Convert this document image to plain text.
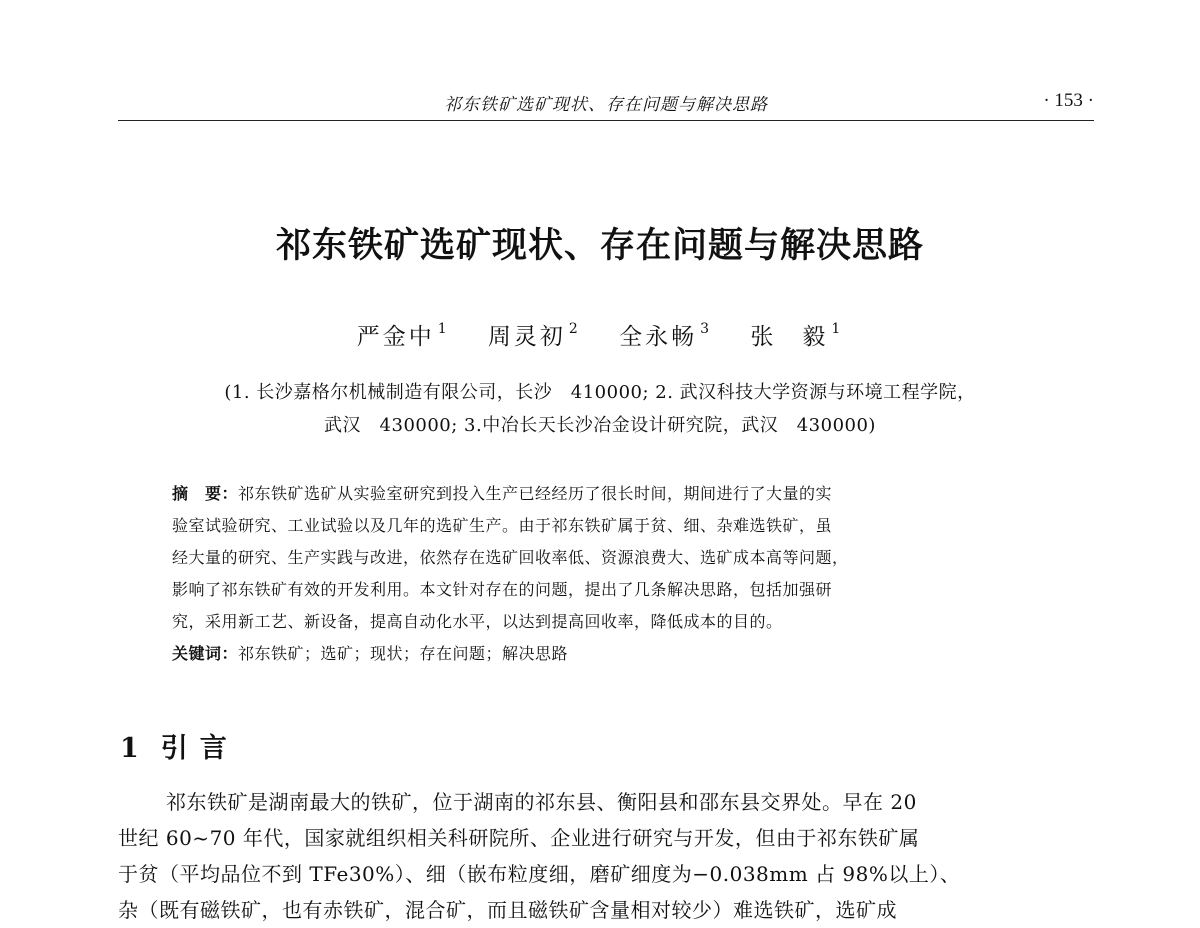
祁东铁矿选矿现状、存在问题与解决思路	· 153 ·
祁东铁矿选矿现状、存在问题与解决思路
严金中 $^1$ 周灵初 $^2$ 全永畅 $^3$ 张　毅 $^1$
(1. 长沙嘉格尔机械制造有限公司，长沙　410000; 2. 武汉科技大学资源与环境工程学院，
武汉　430000; 3.中冶长天长沙冶金设计研究院，武汉　430000)
摘　要：祁东铁矿选矿从实验室研究到投入生产已经经历了很长时间，期间进行了大量的实
验室试验研究、工业试验以及几年的选矿生产。由于祁东铁矿属于贫、细、杂难选铁矿，虽
经大量的研究、生产实践与改进，依然存在选矿回收率低、资源浪费大、选矿成本高等问题，
影响了祁东铁矿有效的开发利用。本文针对存在的问题，提出了几条解决思路，包括加强研
究，采用新工艺、新设备，提高自动化水平，以达到提高回收率，降低成本的目的。
关键词：祁东铁矿；选矿；现状；存在问题；解决思路
1 引言
祁东铁矿是湖南最大的铁矿，位于湖南的祁东县、衡阳县和邵东县交界处。早在 20
世纪 60~70 年代，国家就组织相关科研院所、企业进行研究与开发，但由于祁东铁矿属
于贫（平均品位不到 TFe30%）、细（嵌布粒度细，磨矿细度为−0.038mm 占 98%以上）、
杂（既有磁铁矿，也有赤铁矿，混合矿，而且磁铁矿含量相对较少）难选铁矿，选矿成
